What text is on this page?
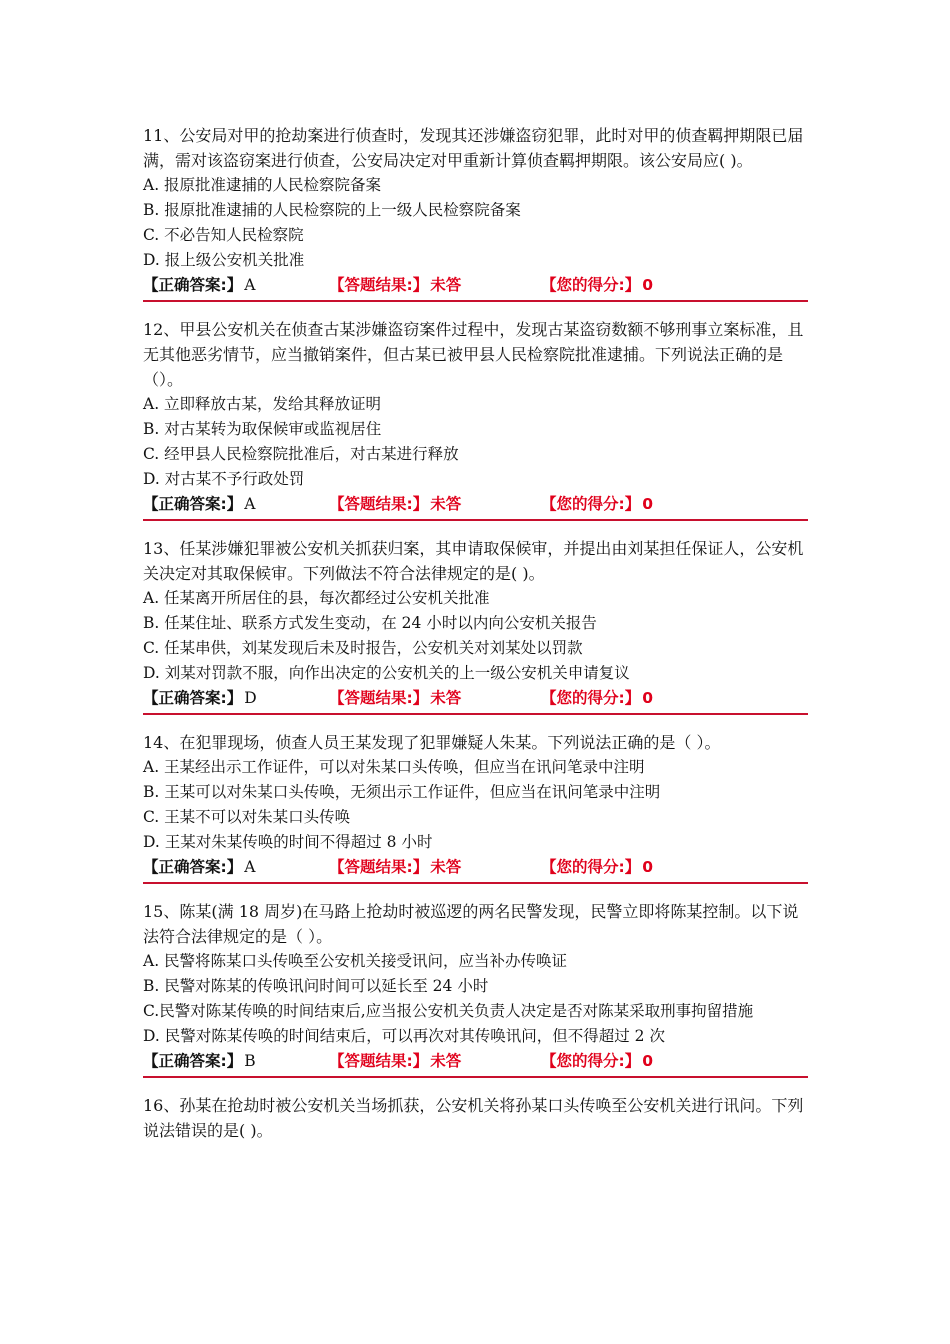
11、公安局对甲的抢劫案进行侦查时，发现其还涉嫌盗窃犯罪，此时对甲的侦查羁押期限已届满，需对该盗窃案进行侦查，公安局决定对甲重新计算侦查羁押期限。该公安局应( )。

A. 报原批准逮捕的人民检察院备案

B. 报原批准逮捕的人民检察院的上一级人民检察院备案

C. 不必告知人民检察院

D. 报上级公安机关批准

【正确答案:】 A	【答题结果:】 未答	【您的得分:】 0

12、甲县公安机关在侦查古某涉嫌盗窃案件过程中，发现古某盗窃数额不够刑事立案标准，且无其他恶劣情节，应当撤销案件，但古某已被甲县人民检察院批准逮捕。下列说法正确的是（）。

A. 立即释放古某，发给其释放证明

B. 对古某转为取保候审或监视居住

C. 经甲县人民检察院批准后，对古某进行释放

D. 对古某不予行政处罚

【正确答案:】 A	【答题结果:】 未答	【您的得分:】 0

13、任某涉嫌犯罪被公安机关抓获归案，其申请取保候审，并提出由刘某担任保证人，公安机关决定对其取保候审。下列做法不符合法律规定的是( )。

A. 任某离开所居住的县，每次都经过公安机关批准

B. 任某住址、联系方式发生变动，在 24 小时以内向公安机关报告

C. 任某串供，刘某发现后未及时报告，公安机关对刘某处以罚款

D. 刘某对罚款不服，向作出决定的公安机关的上一级公安机关申请复议

【正确答案:】 D	【答题结果:】 未答	【您的得分:】 0

14、在犯罪现场，侦查人员王某发现了犯罪嫌疑人朱某。下列说法正确的是（ ）。

A. 王某经出示工作证件，可以对朱某口头传唤，但应当在讯问笔录中注明

B. 王某可以对朱某口头传唤，无须出示工作证件，但应当在讯问笔录中注明

C. 王某不可以对朱某口头传唤

D. 王某对朱某传唤的时间不得超过 8 小时

【正确答案:】 A	【答题结果:】 未答	【您的得分:】 0

15、陈某(满 18 周岁)在马路上抢劫时被巡逻的两名民警发现，民警立即将陈某控制。以下说法符合法律规定的是（ ）。

A. 民警将陈某口头传唤至公安机关接受讯问，应当补办传唤证

B. 民警对陈某的传唤讯问时间可以延长至 24 小时

C.民警对陈某传唤的时间结束后,应当报公安机关负责人决定是否对陈某采取刑事拘留措施

D. 民警对陈某传唤的时间结束后，可以再次对其传唤讯问，但不得超过 2 次

【正确答案:】 B	【答题结果:】 未答	【您的得分:】 0

16、孙某在抢劫时被公安机关当场抓获，公安机关将孙某口头传唤至公安机关进行讯问。下列说法错误的是( )。
